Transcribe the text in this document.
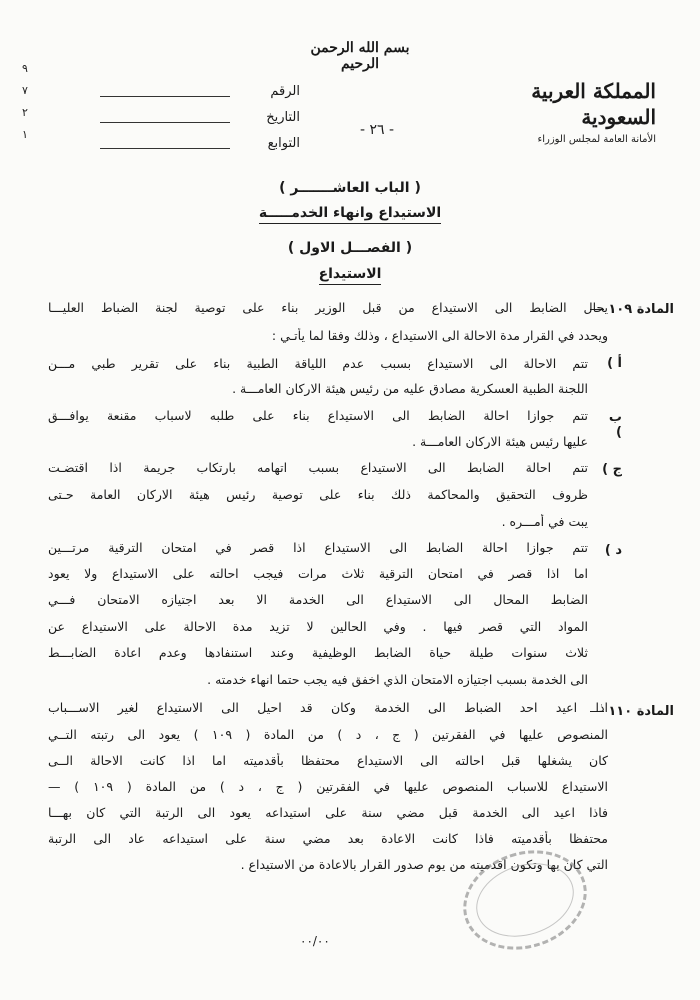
٩
٧
٢
١
بسم الله الرحمن الرحيم
المملكة العربية السعودية
الأمانة العامة لمجلس الوزراء
الرقم
التاريخ
التوابع
- ٢٦ -
( الباب العاشـــــــر )
الاستيداع وانهاء الخدمـــــة
( الفصـــل الاول )
الاستيداع
المادة ١٠٩
يحال الضابط الى الاستيداع من قبل الوزير بناء على توصية لجنة الضباط العليـــا
ويحدد في القرار مدة الاحالة الى الاستيداع ، وذلك وفقا لما يأتـي :
أ )
تتم الاحالة الى الاستيداع بسبب عدم اللياقة الطبية بناء على تقرير طبي مـــن
اللجنة الطبية العسكرية مصادق عليه من رئيس هيئة الاركان العامـــة .
ب )
تتم جوازا احالة الضابط الى الاستيداع بناء على طلبه لاسباب مقنعة يوافـــق
عليها رئيس هيئة الاركان العامـــة .
ج )
تتم احالة الضابط الى الاستيداع بسبب اتهامه بارتكاب جريمة اذا اقتضـت
ظروف التحقيق والمحاكمة ذلك بناء على توصية رئيس هيئة الاركان العامة حـتى
يبت في أمـــره .
د )
تتم جوازا احالة الضابط الى الاستيداع اذا قصر في امتحان الترقية مرتـــين
اما اذا قصر في امتحان الترقية ثلاث مرات فيجب احالته على الاستيداع ولا يعود
الضابط المحال الى الاستيداع الى الخدمة الا بعد اجتيازه الامتحان فـــي
المواد التي قصر فيها . وفي الحالين لا تزيد مدة الاحالة على الاستيداع عن
ثلاث سنوات طيلة حياة الضابط الوظيفية وعند استنفادها وعدم اعادة الضابـــط
الى الخدمة بسبب اجتيازه الامتحان الذي اخفق فيه يجب حتما انهاء خدمته .
المادة ١١٠
اذا اعيد احد الضباط الى الخدمة وكان قد احيل الى الاستيداع لغير الاســـباب
المنصوص عليها في الفقرتين ( ج ، د ) من المادة ( ١٠٩ ) يعود الى رتبته التــي
كان يشغلها قبل احالته الى الاستيداع محتفظا بأقدميته اما اذا كانت الاحالة الــى
الاستيداع للاسباب المنصوص عليها في الفقرتين ( ج ، د ) من المادة ( ١٠٩ ) —
فاذا اعيد الى الخدمة قبل مضي سنة على استيداعه يعود الى الرتبة التي كان بهـــا
محتفظا بأقدميته فاذا كانت الاعادة بعد مضي سنة على استيداعه عاد الى الرتبة
التي كان بها وتكون اقدميته من يوم صدور القرار بالاعادة من الاستيداع .
٠٠/٠٠
